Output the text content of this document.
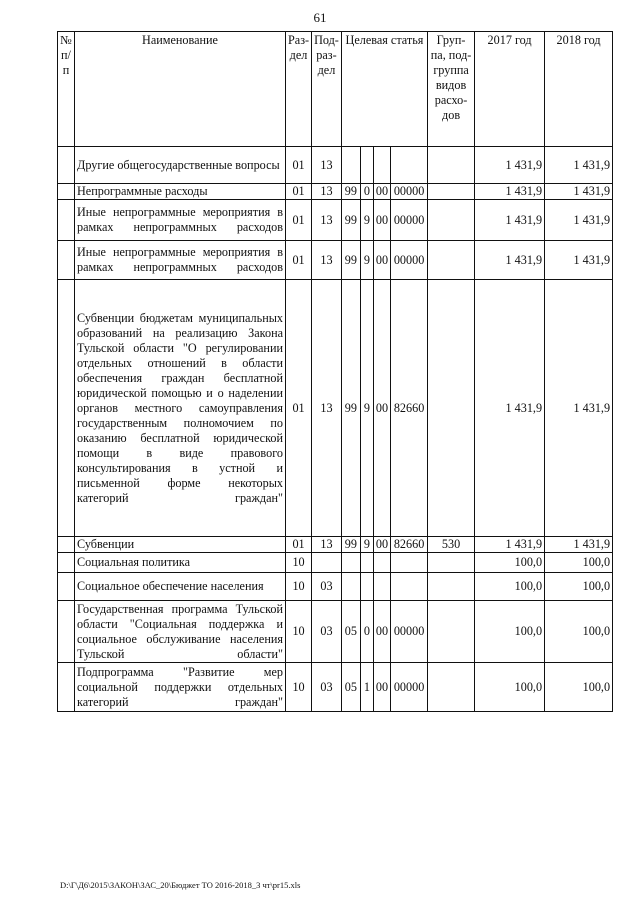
61
№ п/п	Наименование	Раз- дел	Под- раз- дел	Целевая статья				Груп- па, под- группа видов расхо- дов	2017 год	2018 год
	Другие общегосударственные вопросы	01	13						1 431,9	1 431,9
	Непрограммные расходы	01	13	99	0	00	00000		1 431,9	1 431,9
	Иные непрограммные мероприятия в рамках непрограммных расходов	01	13	99	9	00	00000		1 431,9	1 431,9
	Иные непрограммные мероприятия в рамках непрограммных расходов	01	13	99	9	00	00000		1 431,9	1 431,9
	Субвенции бюджетам муниципальных образований на реализацию Закона Тульской области "О регулировании отдельных отношений в области обеспечения граждан бесплатной юридической помощью и о наделении органов местного самоуправления государственным полномочием по оказанию бесплатной юридической помощи в виде правового консультирования в устной и письменной форме некоторых категорий граждан"	01	13	99	9	00	82660		1 431,9	1 431,9
	Субвенции	01	13	99	9	00	82660	530	1 431,9	1 431,9
	Социальная политика	10							100,0	100,0
	Социальное обеспечение населения	10	03						100,0	100,0
	Государственная программа Тульской области "Социальная поддержка и социальное обслуживание населения Тульской области"	10	03	05	0	00	00000		100,0	100,0
	Подпрограмма "Развитие мер социальной поддержки отдельных категорий граждан"	10	03	05	1	00	00000		100,0	100,0
D:\Г\Д6\2015\ЗАКОН\ЗАС_20\Бюджет ТО 2016-2018_3 чт\pr15.xls
